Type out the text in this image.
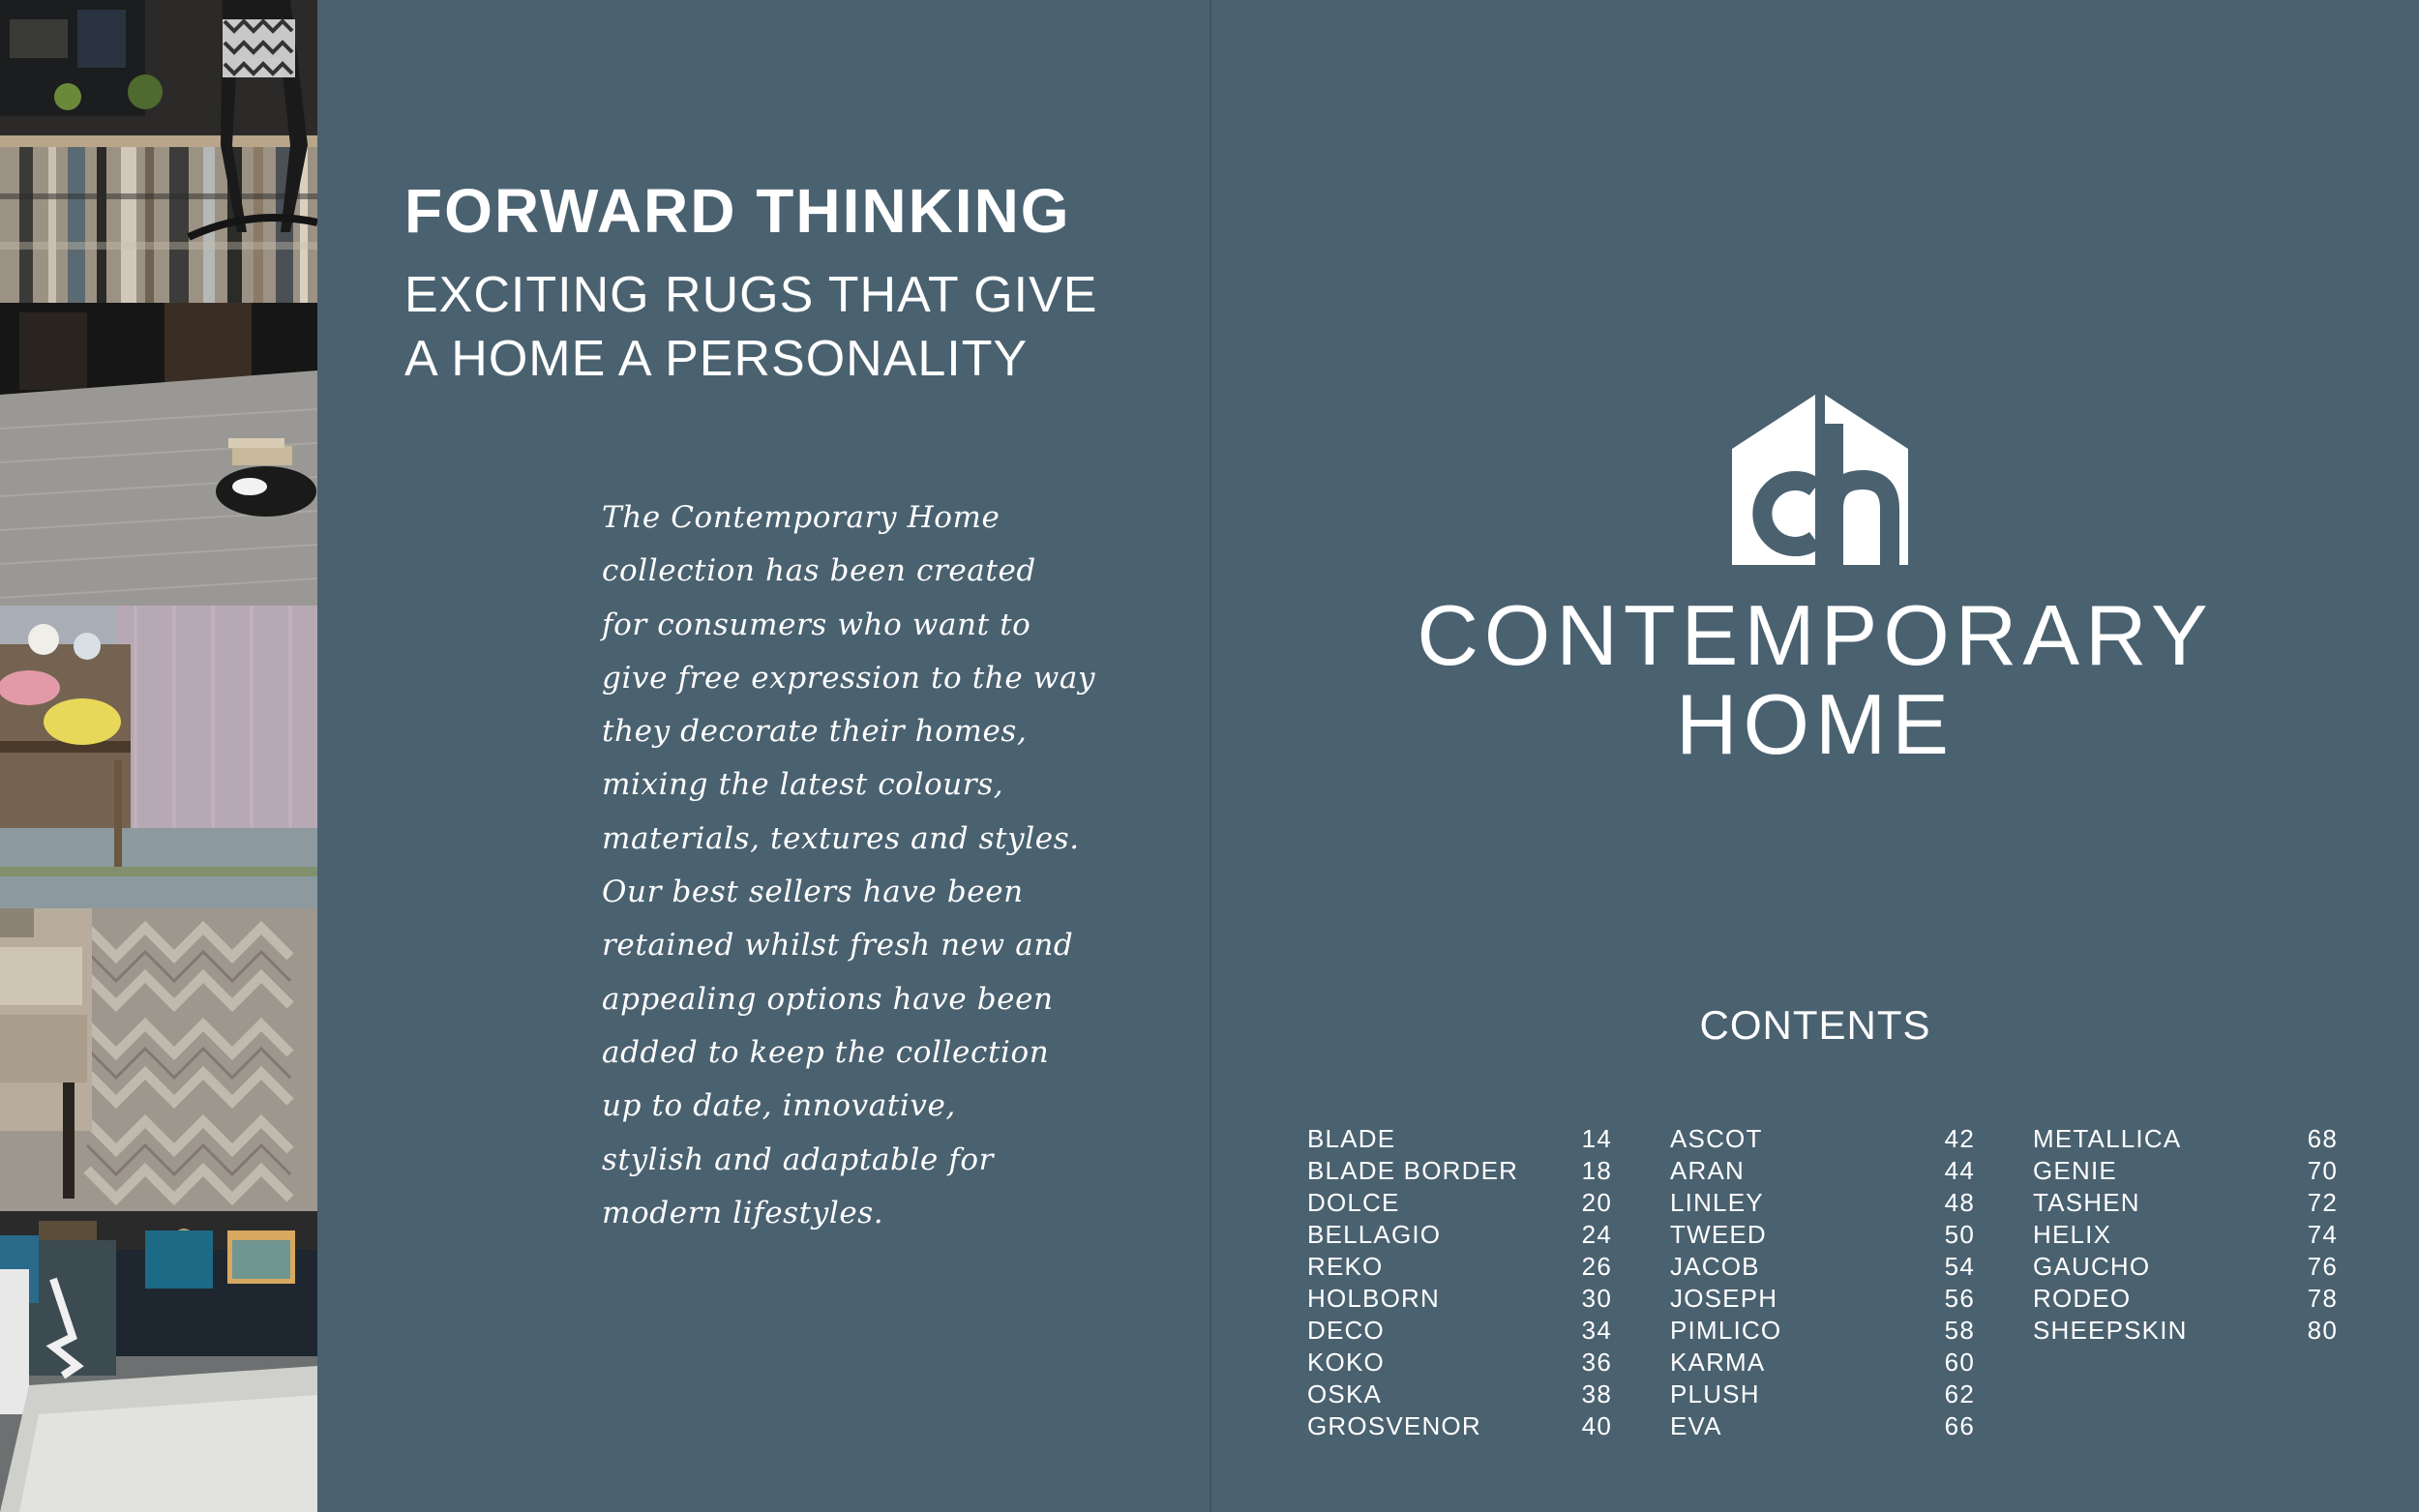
FORWARD THINKING
EXCITING RUGS THAT GIVE
A HOME A PERSONALITY

The Contemporary Home
collection has been created
for consumers who want to
give free expression to the way
they decorate their homes,
mixing the latest colours,
materials, textures and styles.
Our best sellers have been
retained whilst fresh new and
appealing options have been
added to keep the collection
up to date, innovative,
stylish and adaptable for
modern lifestyles.

CONTEMPORARY
HOME
CONTENTS
BLADE	14
BLADE BORDER	18
DOLCE	20
BELLAGIO	24
REKO	26
HOLBORN	30
DECO	34
KOKO	36
OSKA	38
GROSVENOR	40
ASCOT	42
ARAN	44
LINLEY	48
TWEED	50
JACOB	54
JOSEPH	56
PIMLICO	58
KARMA	60
PLUSH	62
EVA	66
METALLICA	68
GENIE	70
TASHEN	72
HELIX	74
GAUCHO	76
RODEO	78
SHEEPSKIN	80
